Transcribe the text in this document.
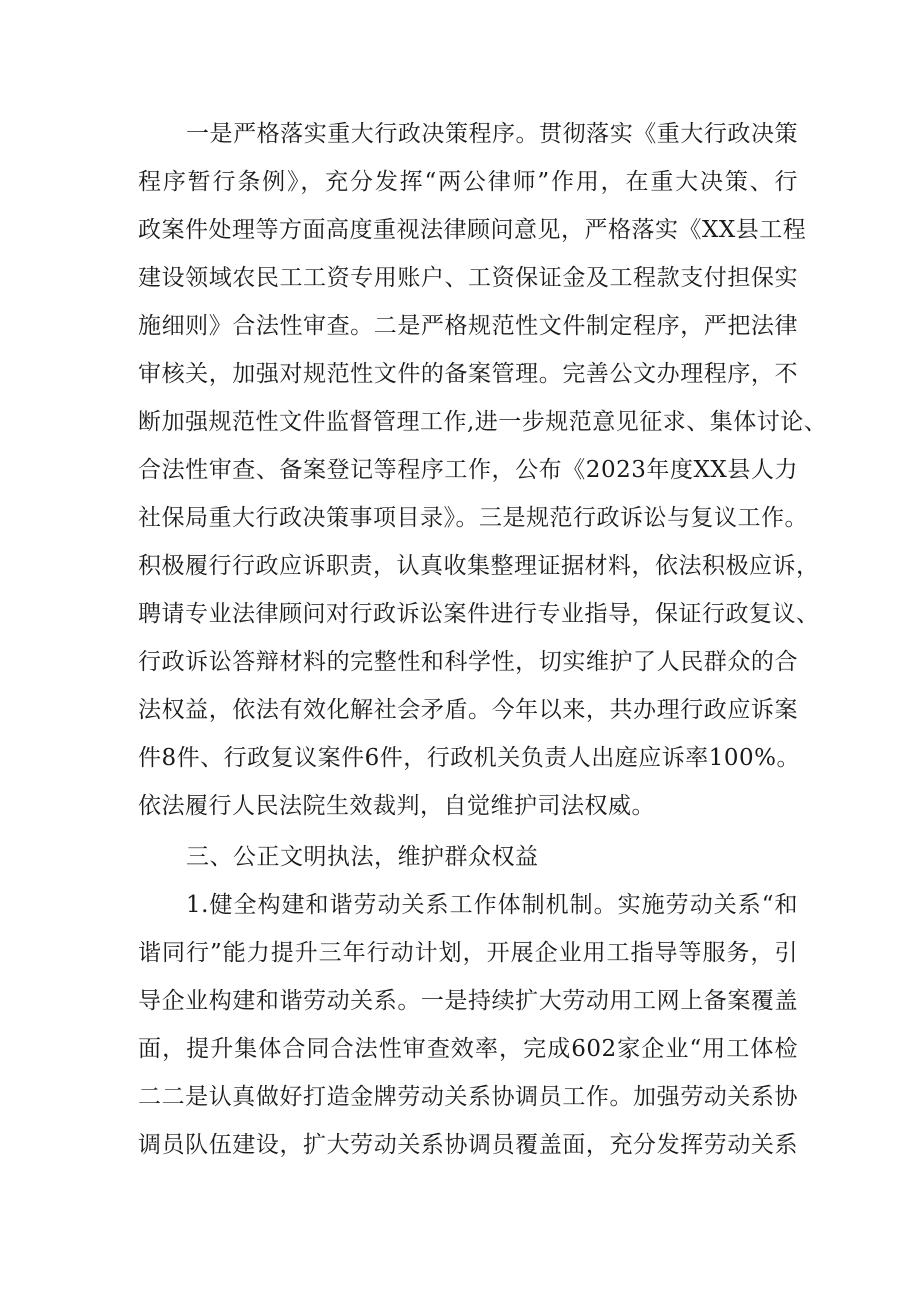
一是严格落实重大行政决策程序。贯彻落实《重大行政决策
程序暂行条例》，充分发挥“两公律师”作用，在重大决策、行
政案件处理等方面高度重视法律顾问意见，严格落实《XX县工程
建设领域农民工工资专用账户、工资保证金及工程款支付担保实
施细则》合法性审查。二是严格规范性文件制定程序，严把法律
审核关，加强对规范性文件的备案管理。完善公文办理程序，不
断加强规范性文件监督管理工作,进一步规范意见征求、集体讨论、
合法性审查、备案登记等程序工作，公布《2023年度XX县人力
社保局重大行政决策事项目录》。三是规范行政诉讼与复议工作。
积极履行行政应诉职责，认真收集整理证据材料，依法积极应诉，
聘请专业法律顾问对行政诉讼案件进行专业指导，保证行政复议、
行政诉讼答辩材料的完整性和科学性，切实维护了人民群众的合
法权益，依法有效化解社会矛盾。今年以来，共办理行政应诉案
件8件、行政复议案件6件，行政机关负责人出庭应诉率100%。
依法履行人民法院生效裁判，自觉维护司法权威。
三、公正文明执法，维护群众权益
1.健全构建和谐劳动关系工作体制机制。实施劳动关系“和
谐同行”能力提升三年行动计划，开展企业用工指导等服务，引
导企业构建和谐劳动关系。一是持续扩大劳动用工网上备案覆盖
面，提升集体合同合法性审查效率，完成602家企业“用工体检
二二是认真做好打造金牌劳动关系协调员工作。加强劳动关系协
调员队伍建设，扩大劳动关系协调员覆盖面，充分发挥劳动关系
